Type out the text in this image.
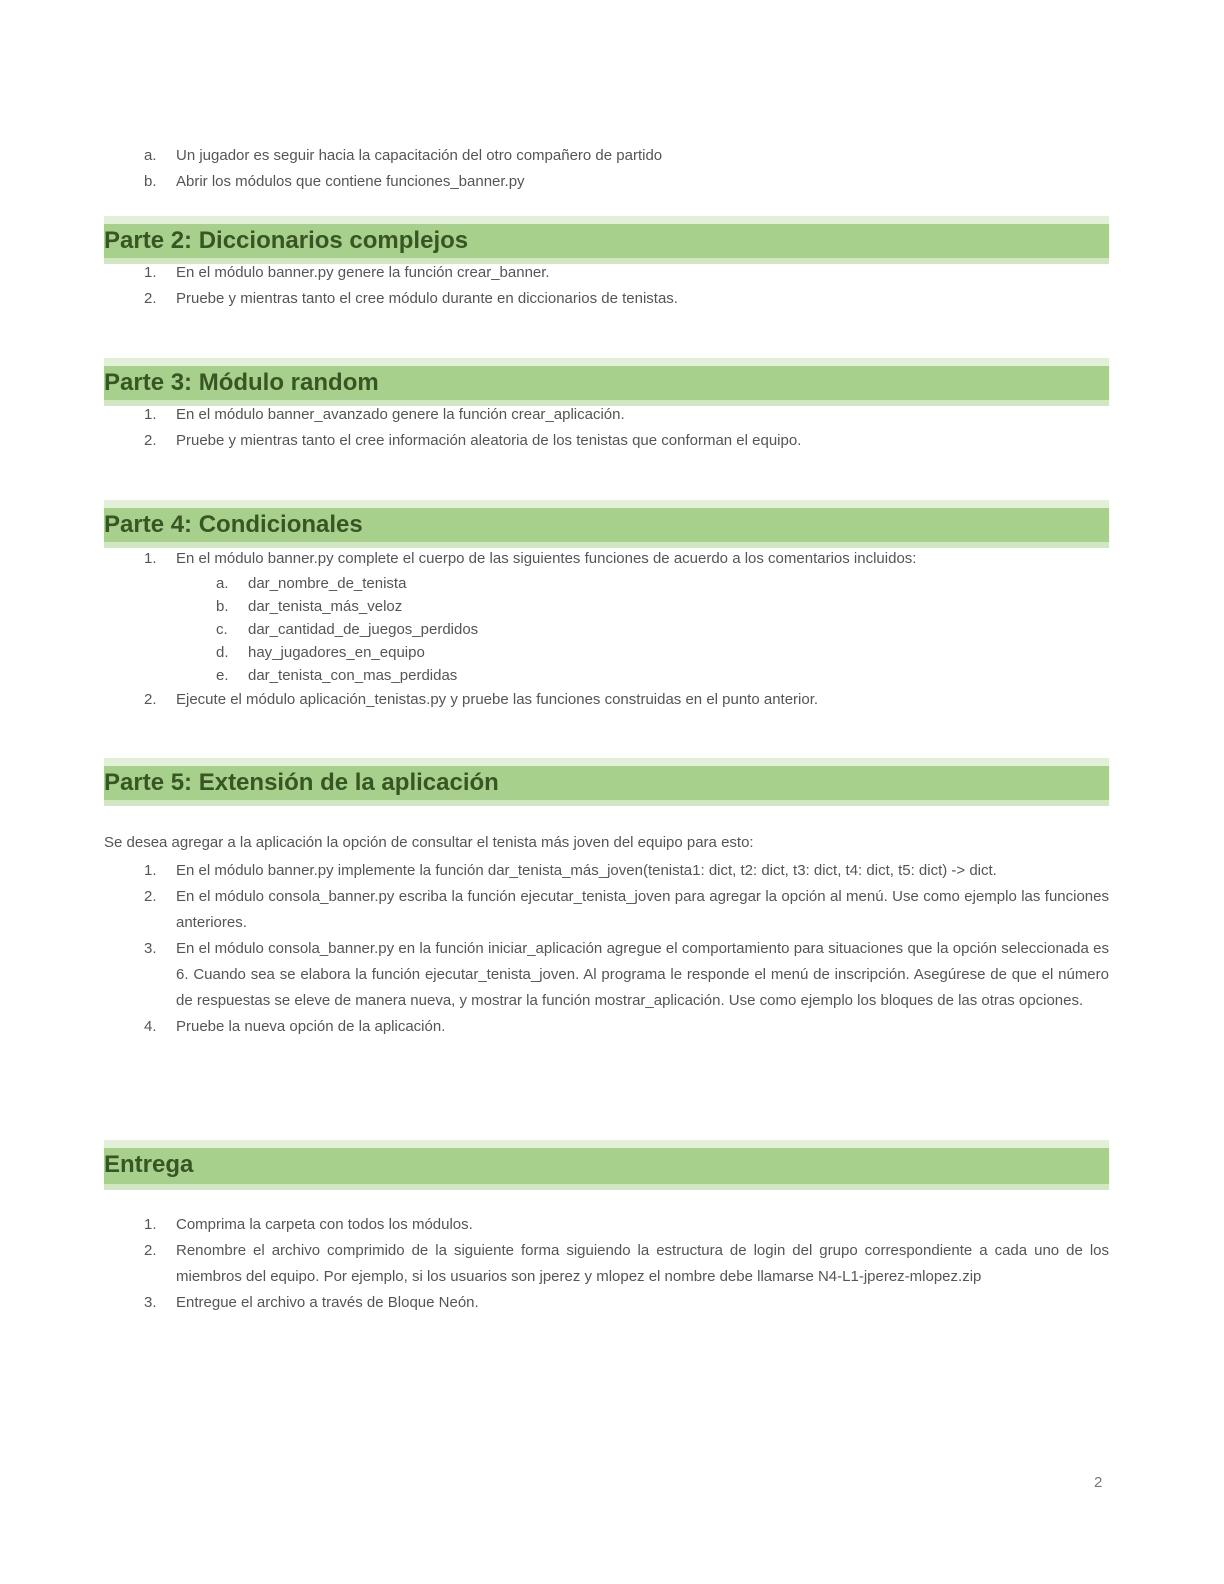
a. Un jugador es seguir hacia la capacitación del otro compañero de partido
b. Abrir los módulos que contiene funciones_banner.py
Parte 2: Diccionarios complejos
1. En el módulo banner.py genere la función crear_banner.
2. Pruebe y mientras tanto el cree módulo durante en diccionarios de tenistas.
Parte 3: Módulo random
1. En el módulo banner_avanzado genere la función crear_aplicación.
2. Pruebe y mientras tanto el cree información aleatoria de los tenistas que conforman el equipo.
Parte 4: Condicionales
1. En el módulo banner.py complete el cuerpo de las siguientes funciones de acuerdo a los comentarios incluidos:
a. dar_nombre_de_tenista
b. dar_tenista_más_veloz
c. dar_cantidad_de_juegos_perdidos
d. hay_jugadores_en_equipo
e. dar_tenista_con_mas_perdidas
2. Ejecute el módulo aplicación_tenistas.py y pruebe las funciones construidas en el punto anterior.
Parte 5: Extensión de la aplicación

Se desea agregar a la aplicación la opción de consultar el tenista más joven del equipo para esto:

1. En el módulo banner.py implemente la función dar_tenista_más_joven(tenista1: dict, t2: dict, t3: dict, t4: dict, t5: dict) -> dict.
2. En el módulo consola_banner.py escriba la función ejecutar_tenista_joven para agregar la opción al menú. Use como ejemplo las funciones anteriores.
3. En el módulo consola_banner.py en la función iniciar_aplicación agregue el comportamiento para situaciones que la opción seleccionada es 6. Cuando sea se elabora la función ejecutar_tenista_joven. Al programa le responde el menú de inscripción. Asegúrese de que el número de respuestas se eleve de manera nueva, y mostrar la función mostrar_aplicación. Use como ejemplo los bloques de las otras opciones.
4. Pruebe la nueva opción de la aplicación.
Entrega
1. Comprima la carpeta con todos los módulos.
2. Renombre el archivo comprimido de la siguiente forma siguiendo la estructura de login del grupo correspondiente a cada uno de los miembros del equipo. Por ejemplo, si los usuarios son jperez y mlopez el nombre debe llamarse N4-L1-jperez-mlopez.zip
3. Entregue el archivo a través de Bloque Neón.
2
